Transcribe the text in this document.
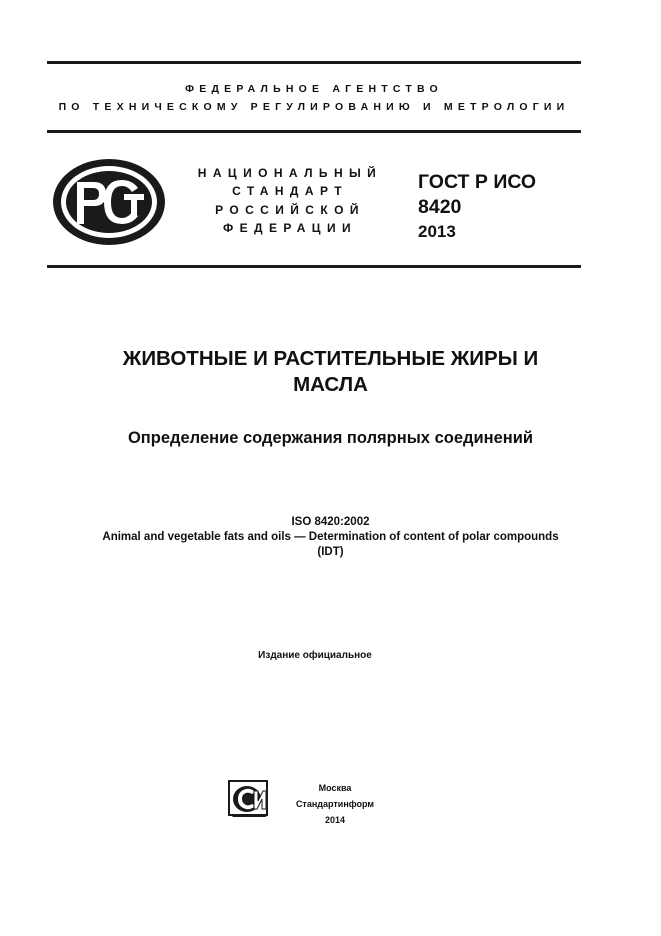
ФЕДЕРАЛЬНОЕ АГЕНТСТВО
ПО ТЕХНИЧЕСКОМУ РЕГУЛИРОВАНИЮ И МЕТРОЛОГИИ
НАЦИОНАЛЬНЫЙ
СТАНДАРТ
РОССИЙСКОЙ
ФЕДЕРАЦИИ
ГОСТ Р ИСО
8420
2013
ЖИВОТНЫЕ И РАСТИТЕЛЬНЫЕ ЖИРЫ И
МАСЛА
Определение содержания полярных соединений
ISO 8420:2002
Animal and vegetable fats and oils — Determination of content of polar compounds
(IDT)
Издание официальное
Москва
Стандартинформ
2014
